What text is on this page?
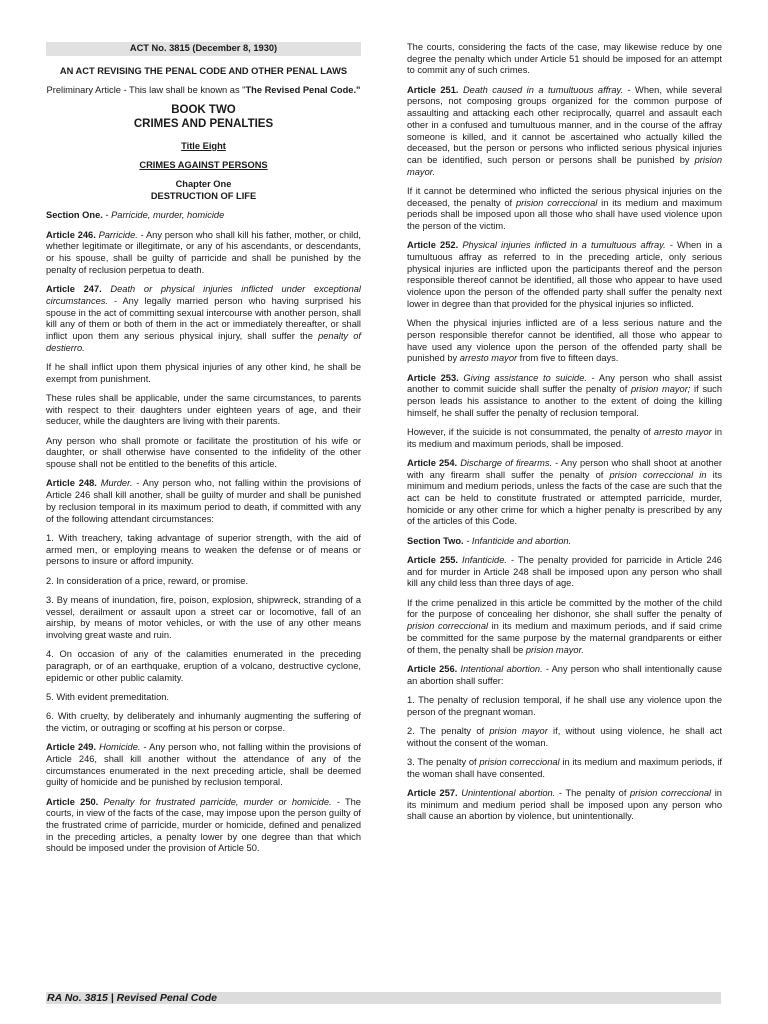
ACT No. 3815 (December 8, 1930)

AN ACT REVISING THE PENAL CODE AND OTHER PENAL LAWS

Preliminary Article - This law shall be known as "The Revised Penal Code."

BOOK TWO
CRIMES AND PENALTIES

Title Eight

CRIMES AGAINST PERSONS

Chapter One
DESTRUCTION OF LIFE

Section One. - Parricide, murder, homicide

Article 246. Parricide. - Any person who shall kill his father, mother, or child, whether legitimate or illegitimate, or any of his ascendants, or descendants, or his spouse, shall be guilty of parricide and shall be punished by the penalty of reclusion perpetua to death.

Article 247. Death or physical injuries inflicted under exceptional circumstances. - Any legally married person who having surprised his spouse in the act of committing sexual intercourse with another person, shall kill any of them or both of them in the act or immediately thereafter, or shall inflict upon them any serious physical injury, shall suffer the penalty of destierro.

If he shall inflict upon them physical injuries of any other kind, he shall be exempt from punishment.

These rules shall be applicable, under the same circumstances, to parents with respect to their daughters under eighteen years of age, and their seducer, while the daughters are living with their parents.

Any person who shall promote or facilitate the prostitution of his wife or daughter, or shall otherwise have consented to the infidelity of the other spouse shall not be entitled to the benefits of this article.

Article 248. Murder. - Any person who, not falling within the provisions of Article 246 shall kill another, shall be guilty of murder and shall be punished by reclusion temporal in its maximum period to death, if committed with any of the following attendant circumstances:

1. With treachery, taking advantage of superior strength, with the aid of armed men, or employing means to weaken the defense or of means or persons to insure or afford impunity.

2. In consideration of a price, reward, or promise.

3. By means of inundation, fire, poison, explosion, shipwreck, stranding of a vessel, derailment or assault upon a street car or locomotive, fall of an airship, by means of motor vehicles, or with the use of any other means involving great waste and ruin.

4. On occasion of any of the calamities enumerated in the preceding paragraph, or of an earthquake, eruption of a volcano, destructive cyclone, epidemic or other public calamity.

5. With evident premeditation.

6. With cruelty, by deliberately and inhumanly augmenting the suffering of the victim, or outraging or scoffing at his person or corpse.

Article 249. Homicide. - Any person who, not falling within the provisions of Article 246, shall kill another without the attendance of any of the circumstances enumerated in the next preceding article, shall be deemed guilty of homicide and be punished by reclusion temporal.

Article 250. Penalty for frustrated parricide, murder or homicide. - The courts, in view of the facts of the case, may impose upon the person guilty of the frustrated crime of parricide, murder or homicide, defined and penalized in the preceding articles, a penalty lower by one degree than that which should be imposed under the provision of Article 50.

The courts, considering the facts of the case, may likewise reduce by one degree the penalty which under Article 51 should be imposed for an attempt to commit any of such crimes.

Article 251. Death caused in a tumultuous affray. - When, while several persons, not composing groups organized for the common purpose of assaulting and attacking each other reciprocally, quarrel and assault each other in a confused and tumultuous manner, and in the course of the affray someone is killed, and it cannot be ascertained who actually killed the deceased, but the person or persons who inflicted serious physical injuries can be identified, such person or persons shall be punished by prision mayor.

If it cannot be determined who inflicted the serious physical injuries on the deceased, the penalty of prision correccional in its medium and maximum periods shall be imposed upon all those who shall have used violence upon the person of the victim.

Article 252. Physical injuries inflicted in a tumultuous affray. - When in a tumultuous affray as referred to in the preceding article, only serious physical injuries are inflicted upon the participants thereof and the person responsible thereof cannot be identified, all those who appear to have used violence upon the person of the offended party shall suffer the penalty next lower in degree than that provided for the physical injuries so inflicted.

When the physical injuries inflicted are of a less serious nature and the person responsible therefor cannot be identified, all those who appear to have used any violence upon the person of the offended party shall be punished by arresto mayor from five to fifteen days.

Article 253. Giving assistance to suicide. - Any person who shall assist another to commit suicide shall suffer the penalty of prision mayor; if such person leads his assistance to another to the extent of doing the killing himself, he shall suffer the penalty of reclusion temporal.

However, if the suicide is not consummated, the penalty of arresto mayor in its medium and maximum periods, shall be imposed.

Article 254. Discharge of firearms. - Any person who shall shoot at another with any firearm shall suffer the penalty of prision correccional in its minimum and medium periods, unless the facts of the case are such that the act can be held to constitute frustrated or attempted parricide, murder, homicide or any other crime for which a higher penalty is prescribed by any of the articles of this Code.

Section Two. - Infanticide and abortion.

Article 255. Infanticide. - The penalty provided for parricide in Article 246 and for murder in Article 248 shall be imposed upon any person who shall kill any child less than three days of age.

If the crime penalized in this article be committed by the mother of the child for the purpose of concealing her dishonor, she shall suffer the penalty of prision correccional in its medium and maximum periods, and if said crime be committed for the same purpose by the maternal grandparents or either of them, the penalty shall be prision mayor.

Article 256. Intentional abortion. - Any person who shall intentionally cause an abortion shall suffer:

1. The penalty of reclusion temporal, if he shall use any violence upon the person of the pregnant woman.

2. The penalty of prision mayor if, without using violence, he shall act without the consent of the woman.

3. The penalty of prision correccional in its medium and maximum periods, if the woman shall have consented.

Article 257. Unintentional abortion. - The penalty of prision correccional in its minimum and medium period shall be imposed upon any person who shall cause an abortion by violence, but unintentionally.

RA No. 3815 | Revised Penal Code
